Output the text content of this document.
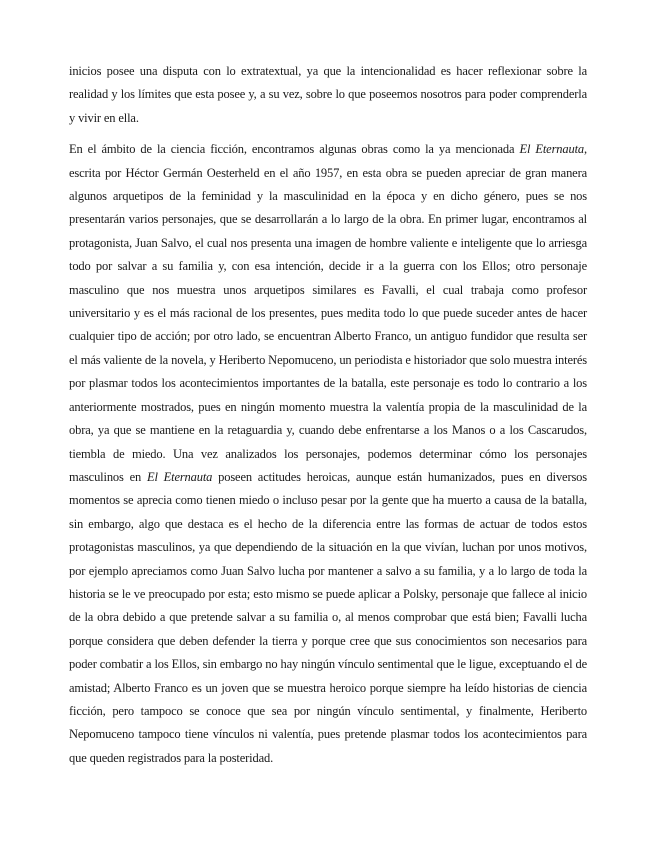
inicios posee una disputa con lo extratextual, ya que la intencionalidad es hacer reflexionar sobre la realidad y los límites que esta posee y, a su vez, sobre lo que poseemos nosotros para poder comprenderla y vivir en ella.

En el ámbito de la ciencia ficción, encontramos algunas obras como la ya mencionada El Eternauta, escrita por Héctor Germán Oesterheld en el año 1957, en esta obra se pueden apreciar de gran manera algunos arquetipos de la feminidad y la masculinidad en la época y en dicho género, pues se nos presentarán varios personajes, que se desarrollarán a lo largo de la obra. En primer lugar, encontramos al protagonista, Juan Salvo, el cual nos presenta una imagen de hombre valiente e inteligente que lo arriesga todo por salvar a su familia y, con esa intención, decide ir a la guerra con los Ellos; otro personaje masculino que nos muestra unos arquetipos similares es Favalli, el cual trabaja como profesor universitario y es el más racional de los presentes, pues medita todo lo que puede suceder antes de hacer cualquier tipo de acción; por otro lado, se encuentran Alberto Franco, un antiguo fundidor que resulta ser el más valiente de la novela, y Heriberto Nepomuceno, un periodista e historiador que solo muestra interés por plasmar todos los acontecimientos importantes de la batalla, este personaje es todo lo contrario a los anteriormente mostrados, pues en ningún momento muestra la valentía propia de la masculinidad de la obra, ya que se mantiene en la retaguardia y, cuando debe enfrentarse a los Manos o a los Cascarudos, tiembla de miedo. Una vez analizados los personajes, podemos determinar cómo los personajes masculinos en El Eternauta poseen actitudes heroicas, aunque están humanizados, pues en diversos momentos se aprecia como tienen miedo o incluso pesar por la gente que ha muerto a causa de la batalla, sin embargo, algo que destaca es el hecho de la diferencia entre las formas de actuar de todos estos protagonistas masculinos, ya que dependiendo de la situación en la que vivían, luchan por unos motivos, por ejemplo apreciamos como Juan Salvo lucha por mantener a salvo a su familia, y a lo largo de toda la historia se le ve preocupado por esta; esto mismo se puede aplicar a Polsky, personaje que fallece al inicio de la obra debido a que pretende salvar a su familia o, al menos comprobar que está bien; Favalli lucha porque considera que deben defender la tierra y porque cree que sus conocimientos son necesarios para poder combatir a los Ellos, sin embargo no hay ningún vínculo sentimental que le ligue, exceptuando el de amistad; Alberto Franco es un joven que se muestra heroico porque siempre ha leído historias de ciencia ficción, pero tampoco se conoce que sea por ningún vínculo sentimental, y finalmente, Heriberto Nepomuceno tampoco tiene vínculos ni valentía, pues pretende plasmar todos los acontecimientos para que queden registrados para la posteridad.
